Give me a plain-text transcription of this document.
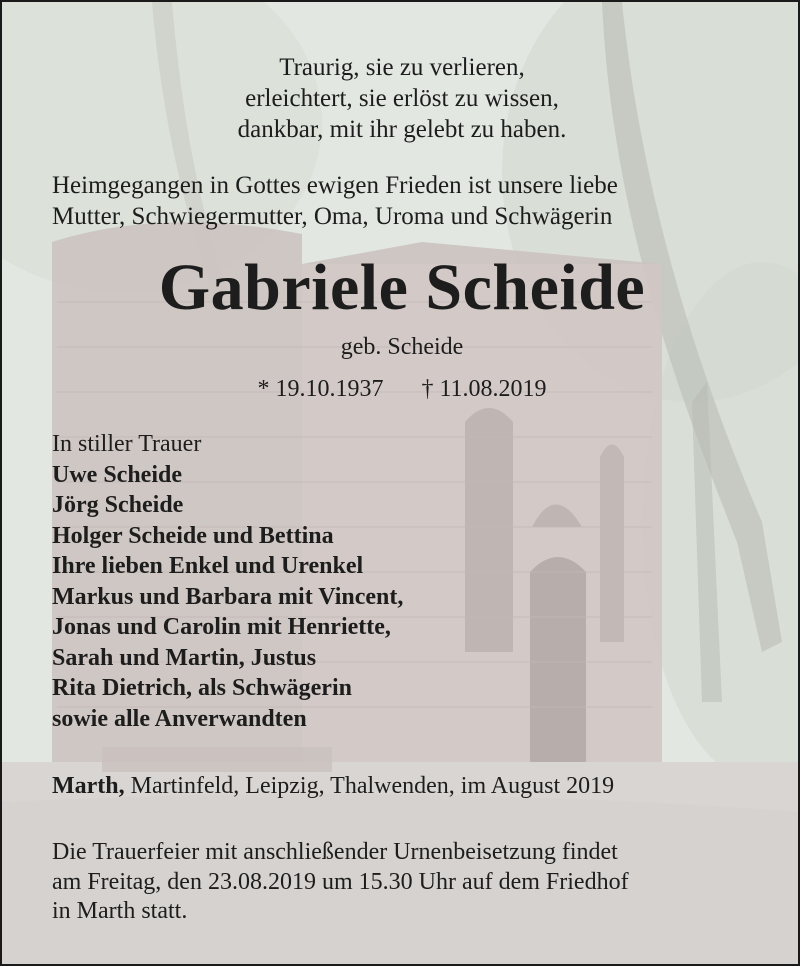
Traurig, sie zu verlieren,
erleichtert, sie erlöst zu wissen,
dankbar, mit ihr gelebt zu haben.
Heimgegangen in Gottes ewigen Frieden ist unsere liebe
Mutter, Schwiegermutter, Oma, Uroma und Schwägerin
Gabriele Scheide
geb. Scheide
* 19.10.1937 † 11.08.2019
In stiller Trauer
Uwe Scheide
Jörg Scheide
Holger Scheide und Bettina
Ihre lieben Enkel und Urenkel
Markus und Barbara mit Vincent,
Jonas und Carolin mit Henriette,
Sarah und Martin, Justus
Rita Dietrich, als Schwägerin
sowie alle Anverwandten
Marth, Martinfeld, Leipzig, Thalwenden, im August 2019
Die Trauerfeier mit anschließender Urnenbeisetzung findet
am Freitag, den 23.08.2019 um 15.30 Uhr auf dem Friedhof
in Marth statt.
